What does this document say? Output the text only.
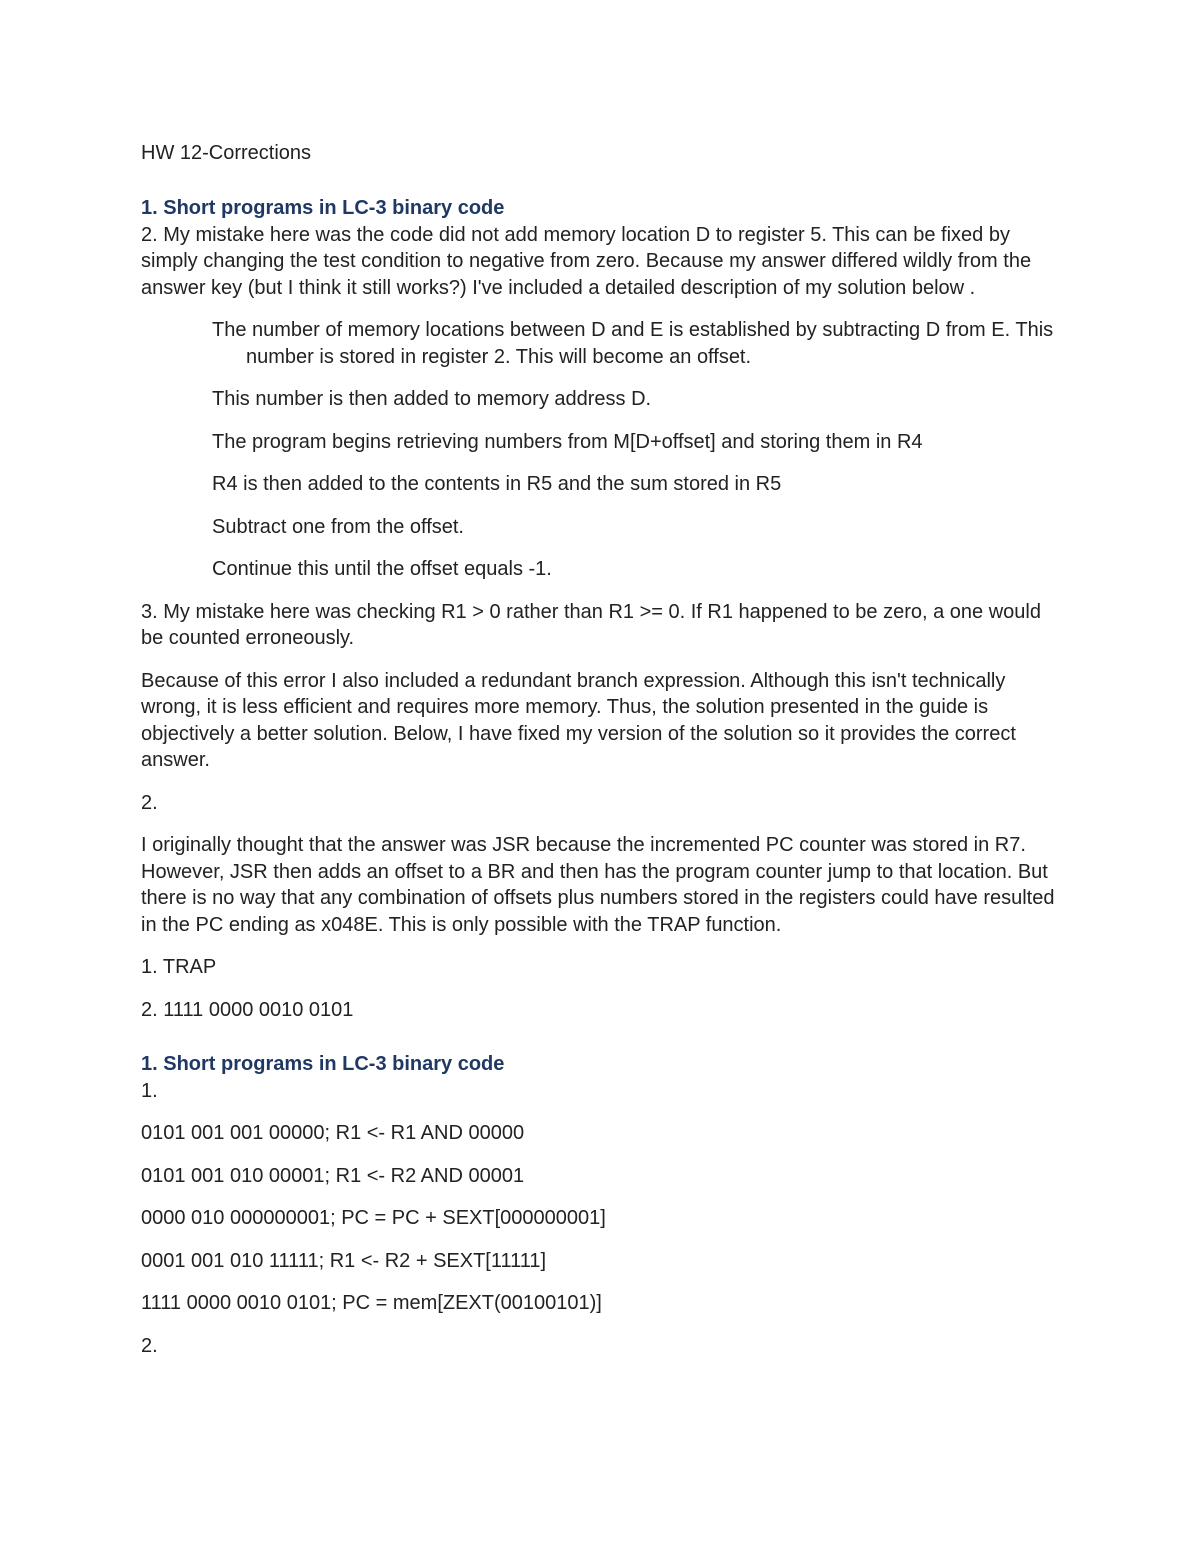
HW 12-Corrections

1. Short programs in LC-3 binary code

2. My mistake here was the code did not add memory location D to register 5. This can be fixed by simply changing the test condition to negative from zero. Because my answer differed wildly from the answer key (but I think it still works?) I've included a detailed description of my solution below .

The number of memory locations between D and E is established by subtracting D from E. This number is stored in register 2. This will become an offset.

This number is then added to memory address D.

The program begins retrieving numbers from M[D+offset] and storing them in R4

R4 is then added to the contents in R5 and the sum stored in R5

Subtract one from the offset.

Continue this until the offset equals -1.

3. My mistake here was checking R1 > 0 rather than R1 >= 0. If R1 happened to be zero, a one would be counted erroneously.

Because of this error I also included a redundant branch expression. Although this isn't technically wrong, it is less efficient and requires more memory. Thus, the solution presented in the guide is objectively a better solution. Below, I have fixed my version of the solution so it provides the correct answer.

2.

I originally thought that the answer was JSR because the incremented PC counter was stored in R7. However, JSR then adds an offset to a BR and then has the program counter jump to that location. But there is no way that any combination of offsets plus numbers stored in the registers could have resulted in the PC ending as x048E. This is only possible with the TRAP function.

1. TRAP

2. 1111 0000 0010 0101

1. Short programs in LC-3 binary code

1.

0101 001 001 00000; R1 <- R1 AND 00000

0101 001 010 00001; R1 <- R2 AND 00001

0000 010 000000001; PC = PC + SEXT[000000001]

0001 001 010 11111; R1 <- R2 + SEXT[11111]

1111 0000 0010 0101; PC = mem[ZEXT(00100101)]

2.
